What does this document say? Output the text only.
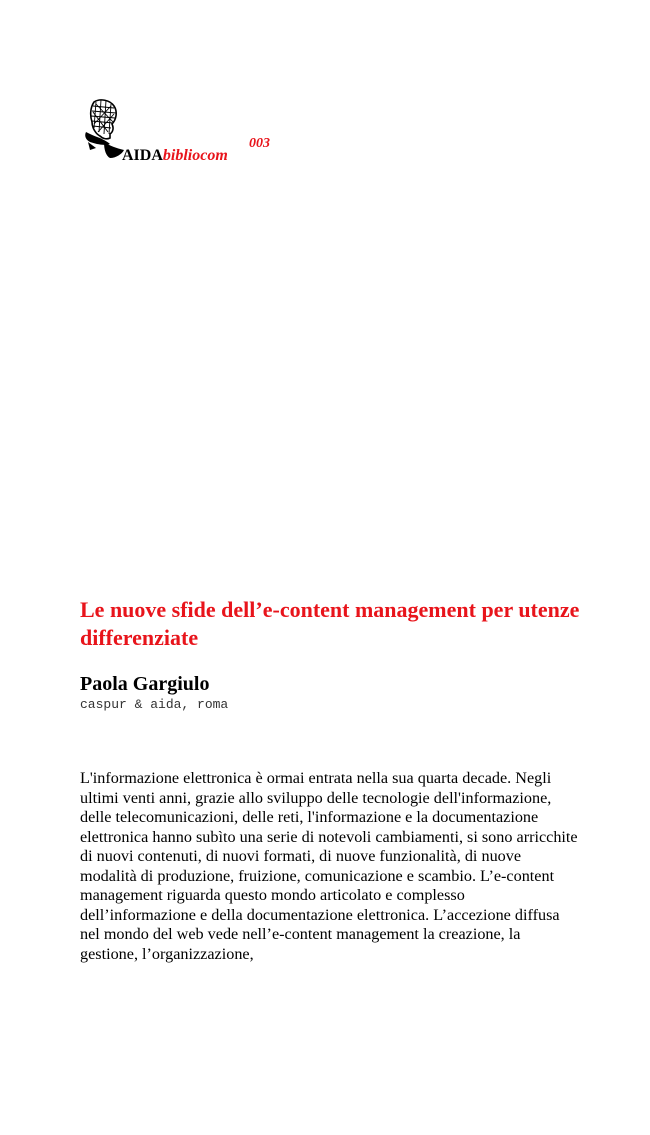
AIDAbibliocom
003
Le nuove sfide dell’e-content management per utenze differenziate

Paola Gargiulo

caspur & aida, roma

L'informazione elettronica è ormai entrata nella sua quarta decade. Negli ultimi venti anni, grazie allo sviluppo delle tecnologie dell'informazione, delle telecomunicazioni, delle reti, l'informazione e la documentazione elettronica hanno subìto una serie di notevoli cambiamenti, si sono arricchite di nuovi contenuti, di nuovi formati, di nuove funzionalità, di nuove modalità di produzione, fruizione, comunicazione e scambio. L’e-content management riguarda questo mondo articolato e complesso dell’informazione e della documentazione elettronica. L’accezione diffusa nel mondo del web vede nell’e-content management la creazione, la gestione, l’organizzazione,
